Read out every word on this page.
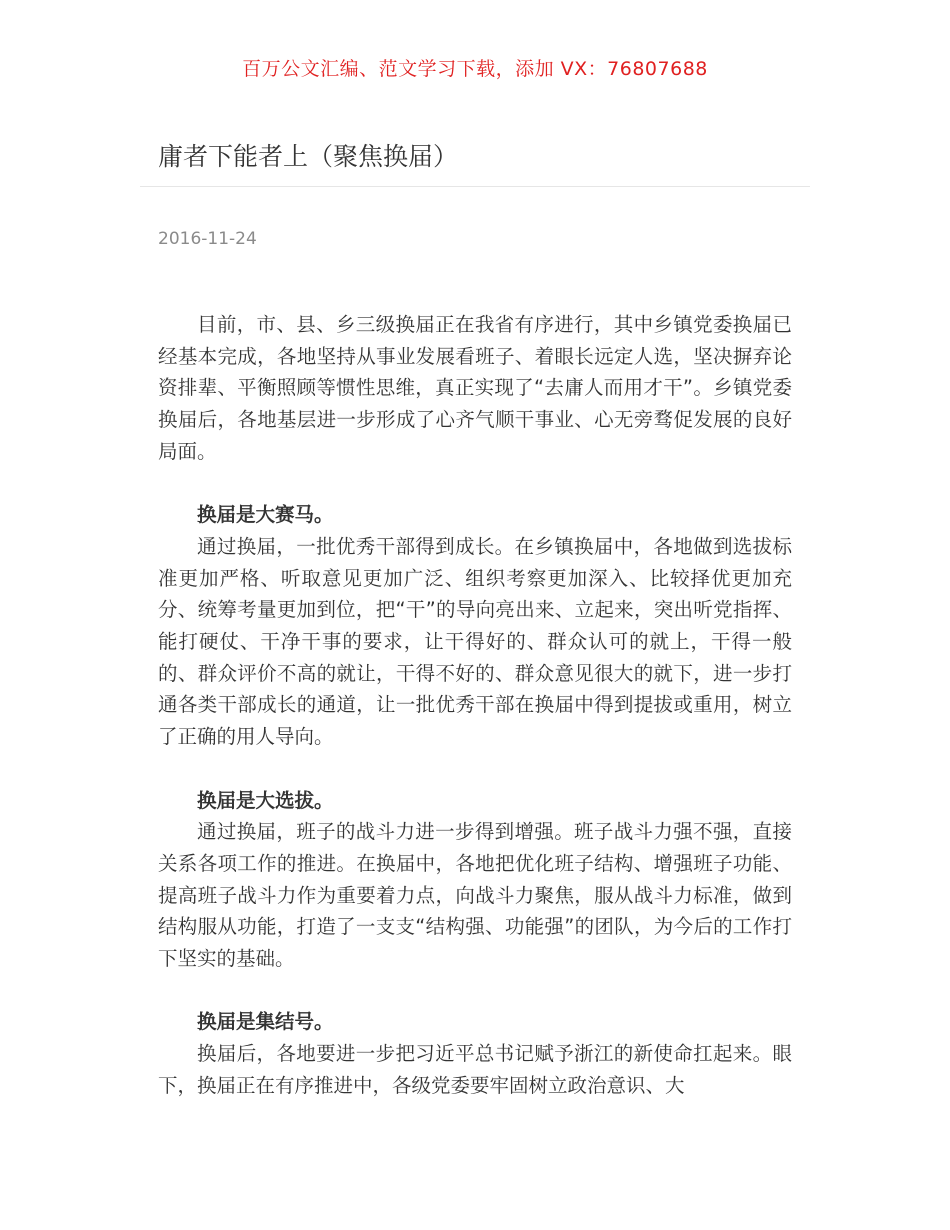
百万公文汇编、范文学习下载，添加 VX：76807688
庸者下能者上（聚焦换届）
2016-11-24

目前，市、县、乡三级换届正在我省有序进行，其中乡镇党委换届已经基本完成，各地坚持从事业发展看班子、着眼长远定人选，坚决摒弃论资排辈、平衡照顾等惯性思维，真正实现了“去庸人而用才干”。乡镇党委换届后，各地基层进一步形成了心齐气顺干事业、心无旁骛促发展的良好局面。

换届是大赛马。

通过换届，一批优秀干部得到成长。在乡镇换届中，各地做到选拔标准更加严格、听取意见更加广泛、组织考察更加深入、比较择优更加充分、统筹考量更加到位，把“干”的导向亮出来、立起来，突出听党指挥、能打硬仗、干净干事的要求，让干得好的、群众认可的就上，干得一般的、群众评价不高的就让，干得不好的、群众意见很大的就下，进一步打通各类干部成长的通道，让一批优秀干部在换届中得到提拔或重用，树立了正确的用人导向。

换届是大选拔。

通过换届，班子的战斗力进一步得到增强。班子战斗力强不强，直接关系各项工作的推进。在换届中，各地把优化班子结构、增强班子功能、提高班子战斗力作为重要着力点，向战斗力聚焦，服从战斗力标准，做到结构服从功能，打造了一支支“结构强、功能强”的团队，为今后的工作打下坚实的基础。

换届是集结号。

换届后，各地要进一步把习近平总书记赋予浙江的新使命扛起来。眼下，换届正在有序推进中，各级党委要牢固树立政治意识、大
